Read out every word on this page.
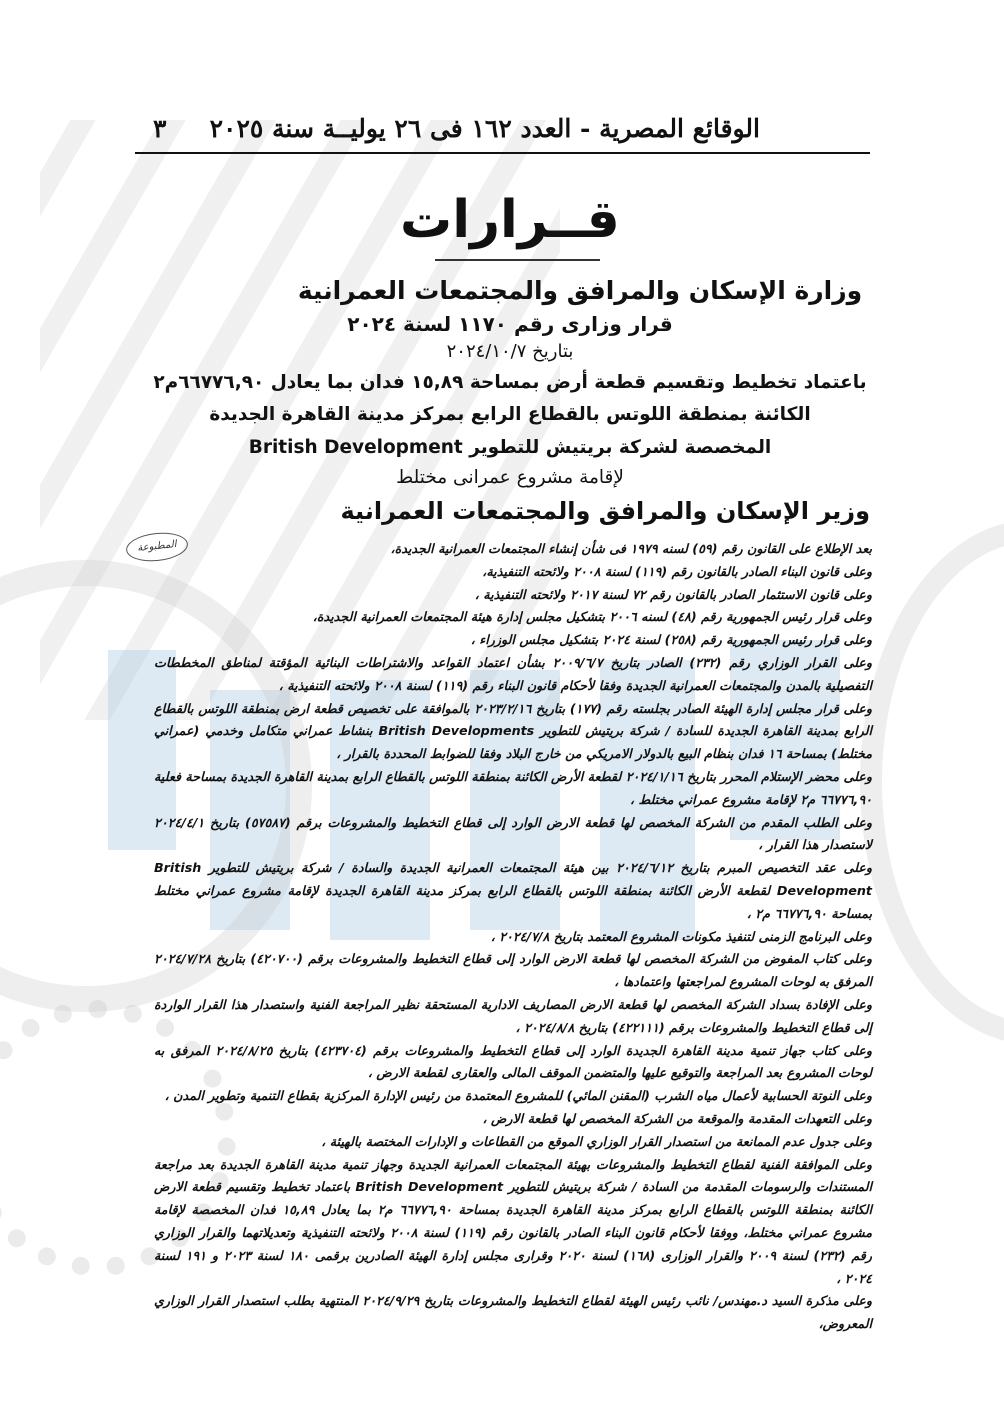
الوقائع المصرية - العدد ١٦٢ فى ٢٦ يوليــة سنة ٢٠٢٥
٣
قــرارات
وزارة الإسكان والمرافق والمجتمعات العمرانية
قرار وزارى رقم ١١٧٠ لسنة ٢٠٢٤
بتاريخ ٢٠٢٤/١٠/٧
باعتماد تخطيط وتقسيم قطعة أرض بمساحة ١٥,٨٩ فدان بما يعادل ٦٦٧٧٦,٩٠م٢
الكائنة بمنطقة اللوتس بالقطاع الرابع بمركز مدينة القاهرة الجديدة
المخصصة لشركة بريتيش للتطوير British Development
لإقامة مشروع عمرانى مختلط
وزير الإسكان والمرافق والمجتمعات العمرانية
المطبوعة	بعد الإطلاع على القانون رقم (٥٩) لسنه ١٩٧٩ فى شأن إنشاء المجتمعات العمرانية الجديدة،

وعلى قانون البناء الصادر بالقانون رقم (١١٩) لسنة ٢٠٠٨ ولائحته التنفيذية،

وعلى قانون الاستثمار الصادر بالقانون رقم ٧٢ لسنة ٢٠١٧ ولائحته التنفيذية ،

وعلى قرار رئيس الجمهورية رقم (٤٨) لسنه ٢٠٠٦ بتشكيل مجلس إدارة هيئة المجتمعات العمرانية الجديدة،

وعلى قرار رئيس الجمهورية رقم (٢٥٨) لسنة ٢٠٢٤ بتشكيل مجلس الوزراء ،

وعلى القرار الوزاري رقم (٢٣٢) الصادر بتاريخ ٢٠٠٩/٦/٧ بشأن اعتماد القواعد والاشتراطات البنائية المؤقتة لمناطق المخططات التفصيلية بالمدن والمجتمعات العمرانية الجديدة وفقا لأحكام قانون البناء رقم (١١٩) لسنة ٢٠٠٨ ولائحته التنفيذية ،

وعلى قرار مجلس إدارة الهيئة الصادر بجلسته رقم (١٧٧) بتاريخ ٢٠٢٣/٢/١٦ بالموافقة على تخصيص قطعة ارض بمنطقة اللوتس بالقطاع الرابع بمدينة القاهرة الجديدة للسادة / شركة بريتيش للتطوير British Developments بنشاط عمراني متكامل وخدمي (عمراني مختلط) بمساحة ١٦ فدان بنظام البيع بالدولار الامريكي من خارج البلاد وفقا للضوابط المحددة بالقرار ،

وعلى محضر الإستلام المحرر بتاريخ ٢٠٢٤/١/١٦ لقطعة الأرض الكائنة بمنطقة اللوتس بالقطاع الرابع بمدينة القاهرة الجديدة بمساحة فعلية ٦٦٧٧٦,٩٠ م٢ لإقامة مشروع عمراني مختلط ،

وعلى الطلب المقدم من الشركة المخصص لها قطعة الارض الوارد إلى قطاع التخطيط والمشروعات برقم (٥٧٥٨٧) بتاريخ ٢٠٢٤/٤/١ لاستصدار هذا القرار ،

وعلى عقد التخصيص المبرم بتاريخ ٢٠٢٤/٦/١٢ بين هيئة المجتمعات العمرانية الجديدة والسادة / شركة بريتيش للتطوير British Development لقطعة الأرض الكائنة بمنطقة اللوتس بالقطاع الرابع بمركز مدينة القاهرة الجديدة لإقامة مشروع عمراني مختلط بمساحة ٦٦٧٧٦,٩٠ م٢ ،

وعلى البرنامج الزمنى لتنفيذ مكونات المشروع المعتمد بتاريخ ٢٠٢٤/٧/٨ ،

وعلى كتاب المفوض من الشركة المخصص لها قطعة الارض الوارد إلى قطاع التخطيط والمشروعات برقم (٤٢٠٧٠٠) بتاريخ ٢٠٢٤/٧/٢٨ المرفق به لوحات المشروع لمراجعتها واعتمادها ،

وعلى الإفادة بسداد الشركة المخصص لها قطعة الارض المصاريف الادارية المستحقة نظير المراجعة الفنية واستصدار هذا القرار الواردة إلى قطاع التخطيط والمشروعات برقم (٤٢٢١١١) بتاريخ ٢٠٢٤/٨/٨ ،

وعلى كتاب جهاز تنمية مدينة القاهرة الجديدة الوارد إلى قطاع التخطيط والمشروعات برقم (٤٢٣٧٠٤) بتاريخ ٢٠٢٤/٨/٢٥ المرفق به لوحات المشروع بعد المراجعة والتوقيع عليها والمتضمن الموقف المالى والعقارى لقطعة الارض ،

وعلى النوتة الحسابية لأعمال مياه الشرب (المقنن المائي) للمشروع المعتمدة من رئيس الإدارة المركزية بقطاع التنمية وتطوير المدن ،

وعلى التعهدات المقدمة والموقعة من الشركة المخصص لها قطعة الارض ،

وعلى جدول عدم الممانعة من استصدار القرار الوزاري الموقع من القطاعات و الإدارات المختصة بالهيئة ،

وعلى الموافقة الفنية لقطاع التخطيط والمشروعات بهيئة المجتمعات العمرانية الجديدة وجهاز تنمية مدينة القاهرة الجديدة بعد مراجعة المستندات والرسومات المقدمة من السادة / شركة بريتيش للتطوير British Development باعتماد تخطيط وتقسيم قطعة الارض الكائنة بمنطقة اللوتس بالقطاع الرابع بمركز مدينة القاهرة الجديدة بمساحة ٦٦٧٧٦,٩٠ م٢ بما يعادل ١٥,٨٩ فدان المخصصة لإقامة مشروع عمراني مختلط، ووفقا لأحكام قانون البناء الصادر بالقانون رقم (١١٩) لسنة ٢٠٠٨ ولائحته التنفيذية وتعديلاتهما والقرار الوزاري رقم (٢٣٢) لسنة ٢٠٠٩ والقرار الوزارى (١٦٨) لسنة ٢٠٢٠ وقرارى مجلس إدارة الهيئة الصادرين برقمى ١٨٠ لسنة ٢٠٢٣ و ١٩١ لسنة ٢٠٢٤ ،

وعلى مذكرة السيد د.مهندس/ نائب رئيس الهيئة لقطاع التخطيط والمشروعات بتاريخ ٢٠٢٤/٩/٢٩ المنتهية بطلب استصدار القرار الوزاري المعروض،
